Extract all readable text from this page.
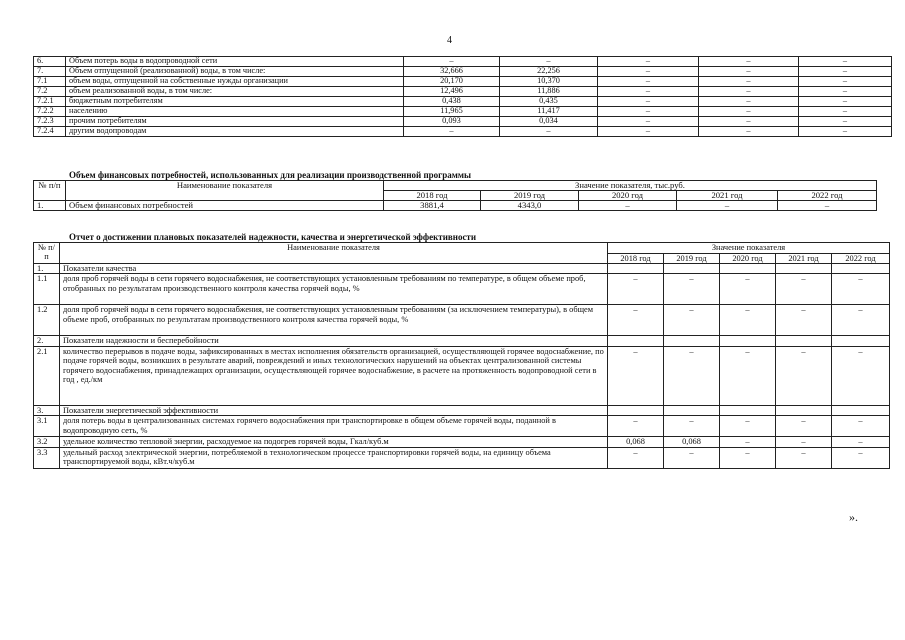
4
6.	Объем потерь воды в водопроводной сети	–	–	–	–	–
7.	Объем отпущенной (реализованной) воды, в том числе:	32,666	22,256	–	–	–
7.1	объем воды, отпущенной на собственные нужды организации	20,170	10,370	–	–	–
7.2	объем реализованной воды, в том числе:	12,496	11,886	–	–	–
7.2.1	бюджетным потребителям	0,438	0,435	–	–	–
7.2.2	населению	11,965	11,417	–	–	–
7.2.3	прочим потребителям	0,093	0,034	–	–	–
7.2.4	другим водопроводам	–	–	–	–	–
Объем финансовых потребностей, использованных для реализации производственной программы
№ п/п	Наименование показателя	Значение показателя, тыс.руб.				
		2018 год	2019 год	2020 год	2021 год	2022 год
1.	Объем финансовых потребностей	3881,4	4343,0	–	–	–
Отчет о достижении плановых показателей надежности, качества и энергетической эффективности
№ п/п	Наименование показателя	Значение показателя				
		2018 год	2019 год	2020 год	2021 год	2022 год
1.	Показатели качества					
1.1	доля проб горячей воды в сети горячего водоснабжения, не соответствующих установленным требованиям по температуре, в общем объеме проб, отобранных по результатам производственного контроля качества горячей воды, %	–	–	–	–	–
1.2	доля проб горячей воды в сети горячего водоснабжения, не соответствующих установленным требованиям (за исключением температуры), в общем объеме проб, отобранных по результатам производственного контроля качества горячей воды, %	–	–	–	–	–
2.	Показатели надежности и бесперебойности					
2.1	количество перерывов в подаче воды, зафиксированных в местах исполнения обязательств организацией, осуществляющей горячее водоснабжение, по подаче горячей воды, возникших в результате аварий, повреждений и иных технологических нарушений на объектах централизованной системы горячего водоснабжения, принадлежащих организации, осуществляющей горячее водоснабжение, в расчете на протяженность водопроводной сети в год , ед./км	–	–	–	–	–
3.	Показатели энергетической эффективности					
3.1	доля потерь воды в централизованных системах горячего водоснабжения при транспортировке в общем объеме горячей воды, поданной в водопроводную сеть, %	–	–	–	–	–
3.2	удельное количество тепловой энергии, расходуемое на подогрев горячей воды, Гкал/куб.м	0,068	0,068	–	–	–
3.3	удельный расход электрической энергии, потребляемой в технологическом процессе транспортировки горячей воды, на единицу объема транспортируемой воды, кВт.ч/куб.м	–	–	–	–	–
».
